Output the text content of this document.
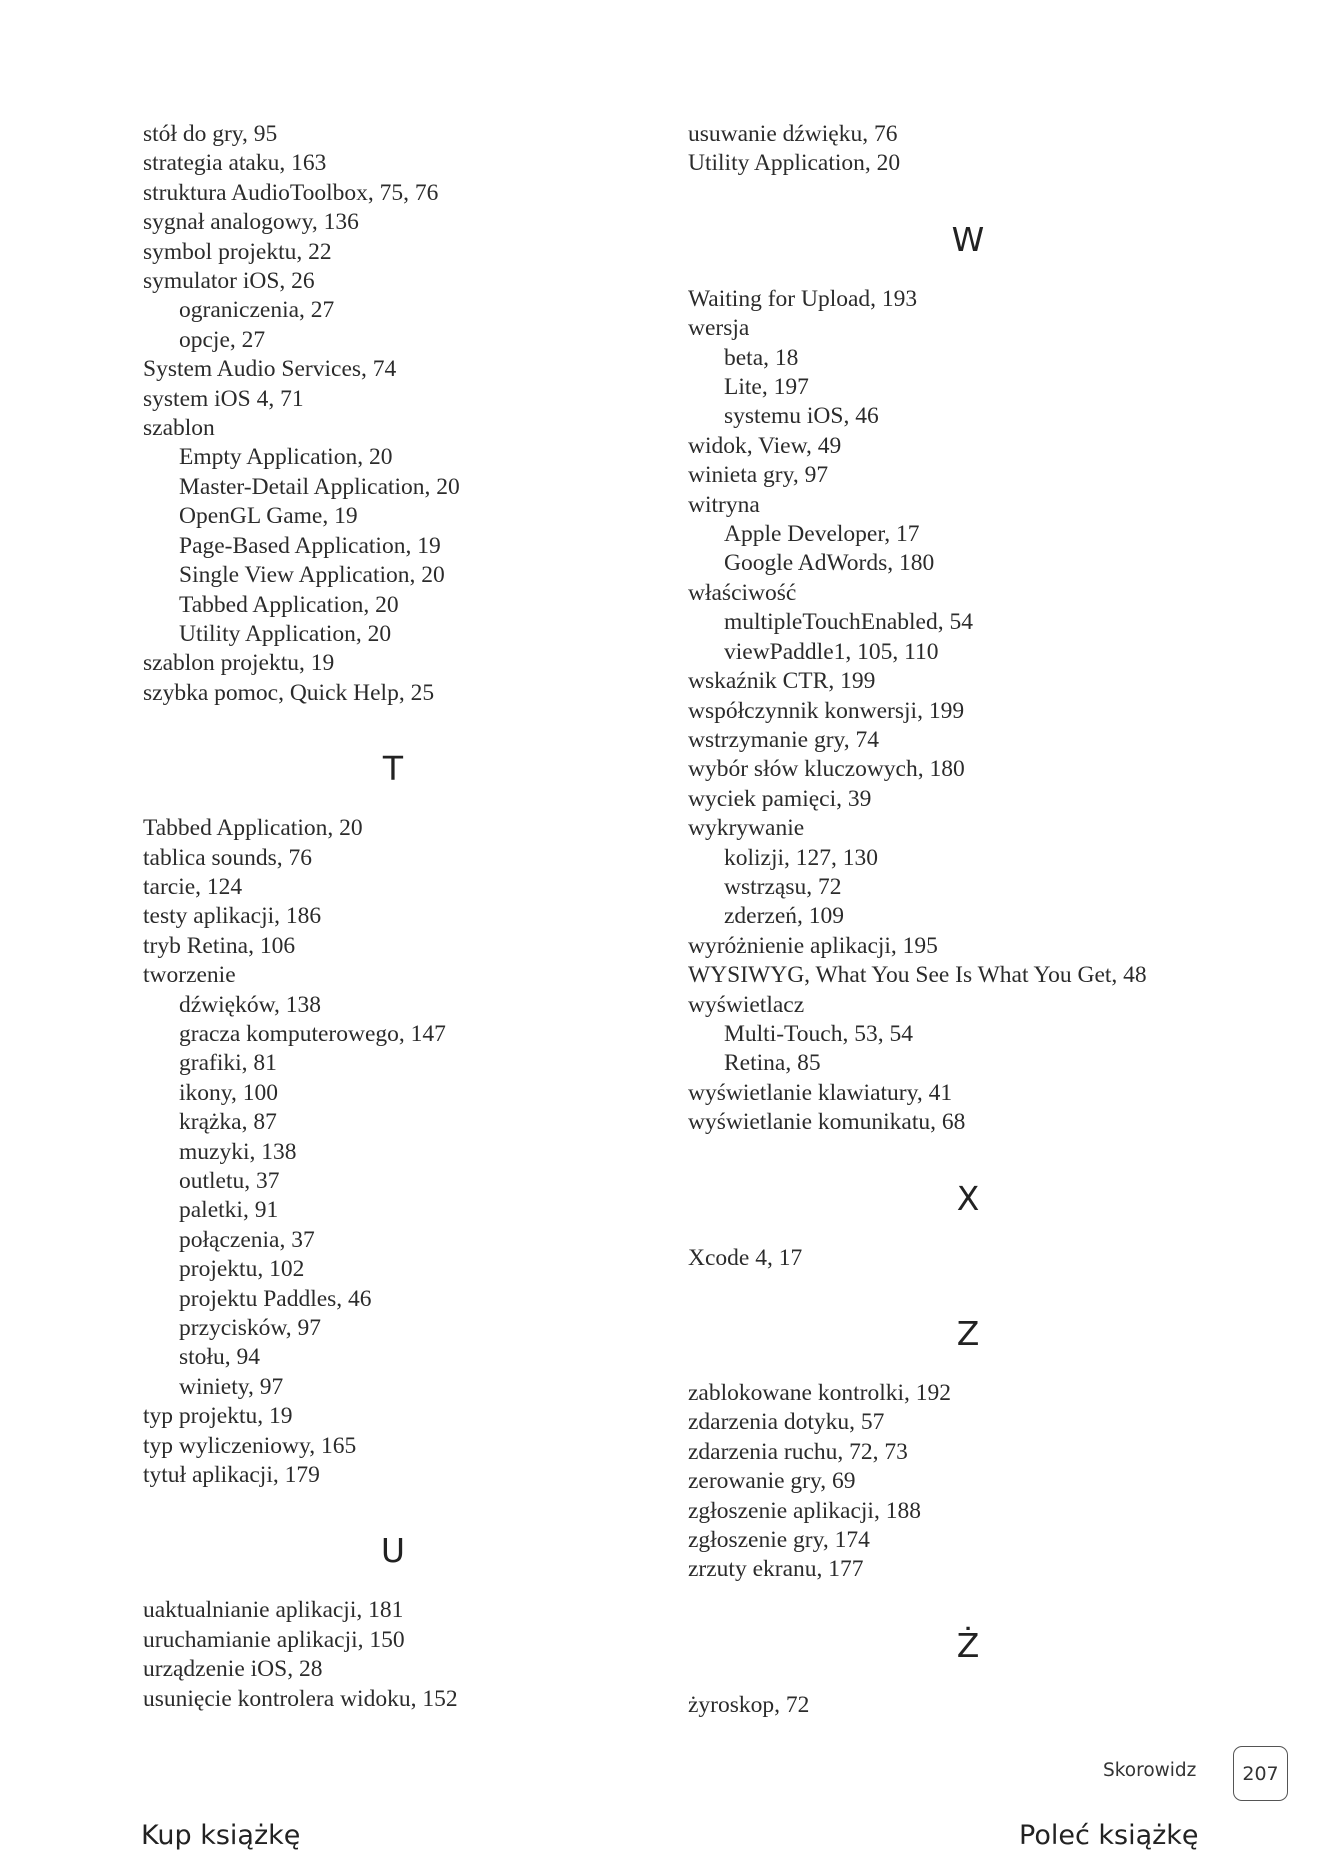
stół do gry, 95
strategia ataku, 163
struktura AudioToolbox, 75, 76
sygnał analogowy, 136
symbol projektu, 22
symulator iOS, 26
ograniczenia, 27
opcje, 27
System Audio Services, 74
system iOS 4, 71
szablon
Empty Application, 20
Master-Detail Application, 20
OpenGL Game, 19
Page-Based Application, 19
Single View Application, 20
Tabbed Application, 20
Utility Application, 20
szablon projektu, 19
szybka pomoc, Quick Help, 25
T
Tabbed Application, 20
tablica sounds, 76
tarcie, 124
testy aplikacji, 186
tryb Retina, 106
tworzenie
dźwięków, 138
gracza komputerowego, 147
grafiki, 81
ikony, 100
krążka, 87
muzyki, 138
outletu, 37
paletki, 91
połączenia, 37
projektu, 102
projektu Paddles, 46
przycisków, 97
stołu, 94
winiety, 97
typ projektu, 19
typ wyliczeniowy, 165
tytuł aplikacji, 179
U
uaktualnianie aplikacji, 181
uruchamianie aplikacji, 150
urządzenie iOS, 28
usunięcie kontrolera widoku, 152
usuwanie dźwięku, 76
Utility Application, 20
W
Waiting for Upload, 193
wersja
beta, 18
Lite, 197
systemu iOS, 46
widok, View, 49
winieta gry, 97
witryna
Apple Developer, 17
Google AdWords, 180
właściwość
multipleTouchEnabled, 54
viewPaddle1, 105, 110
wskaźnik CTR, 199
współczynnik konwersji, 199
wstrzymanie gry, 74
wybór słów kluczowych, 180
wyciek pamięci, 39
wykrywanie
kolizji, 127, 130
wstrząsu, 72
zderzeń, 109
wyróżnienie aplikacji, 195
WYSIWYG, What You See Is What You Get, 48
wyświetlacz
Multi-Touch, 53, 54
Retina, 85
wyświetlanie klawiatury, 41
wyświetlanie komunikatu, 68
X
Xcode 4, 17
Z
zablokowane kontrolki, 192
zdarzenia dotyku, 57
zdarzenia ruchu, 72, 73
zerowanie gry, 69
zgłoszenie aplikacji, 188
zgłoszenie gry, 174
zrzuty ekranu, 177
Ż
żyroskop, 72
Skorowidz	207
Kup książkę	Poleć książkę
